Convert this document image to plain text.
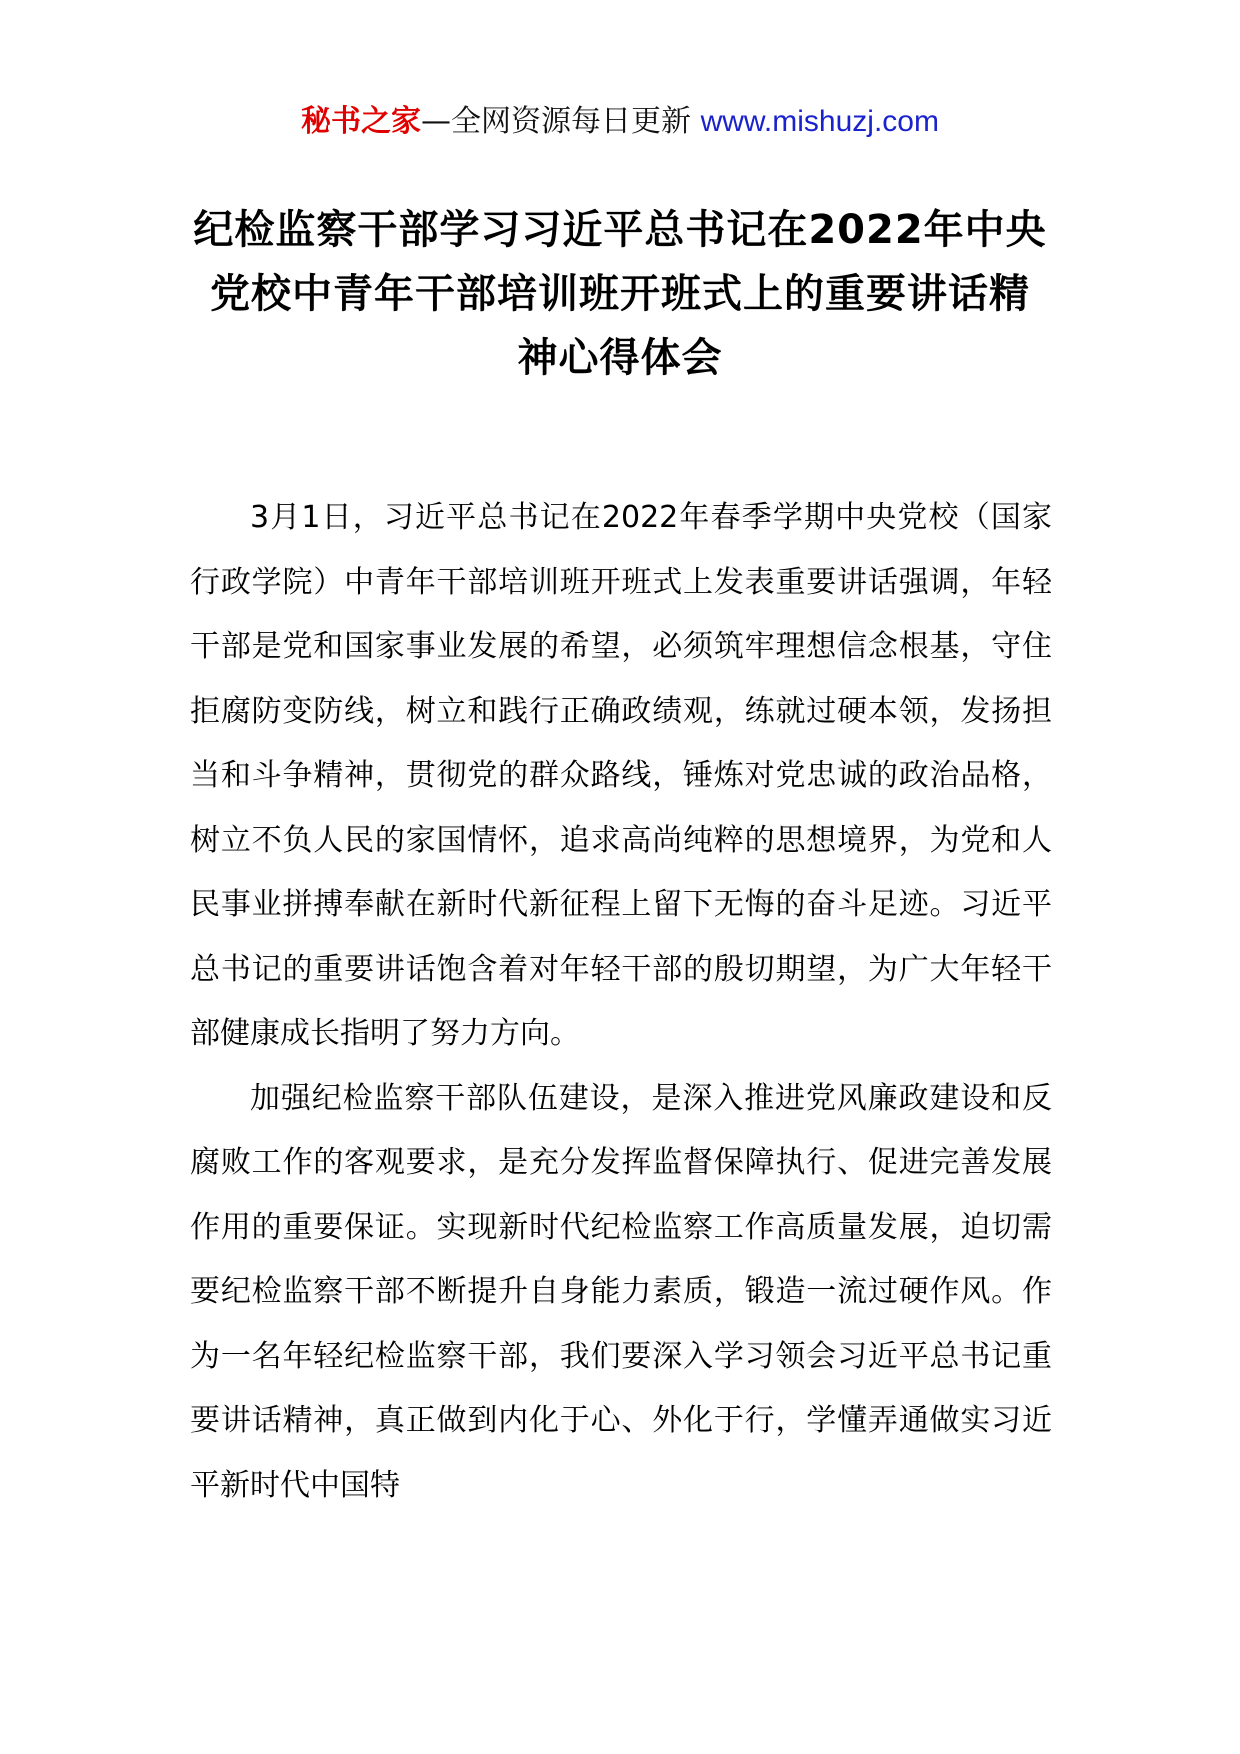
秘书之家—全网资源每日更新 www.mishuzj.com
纪检监察干部学习习近平总书记在2022年中央党校中青年干部培训班开班式上的重要讲话精神心得体会

3月1日，习近平总书记在2022年春季学期中央党校（国家行政学院）中青年干部培训班开班式上发表重要讲话强调，年轻干部是党和国家事业发展的希望，必须筑牢理想信念根基，守住拒腐防变防线，树立和践行正确政绩观，练就过硬本领，发扬担当和斗争精神，贯彻党的群众路线，锤炼对党忠诚的政治品格，树立不负人民的家国情怀，追求高尚纯粹的思想境界，为党和人民事业拼搏奉献在新时代新征程上留下无悔的奋斗足迹。习近平总书记的重要讲话饱含着对年轻干部的殷切期望，为广大年轻干部健康成长指明了努力方向。

加强纪检监察干部队伍建设，是深入推进党风廉政建设和反腐败工作的客观要求，是充分发挥监督保障执行、促进完善发展作用的重要保证。实现新时代纪检监察工作高质量发展，迫切需要纪检监察干部不断提升自身能力素质，锻造一流过硬作风。作为一名年轻纪检监察干部，我们要深入学习领会习近平总书记重要讲话精神，真正做到内化于心、外化于行，学懂弄通做实习近平新时代中国特
